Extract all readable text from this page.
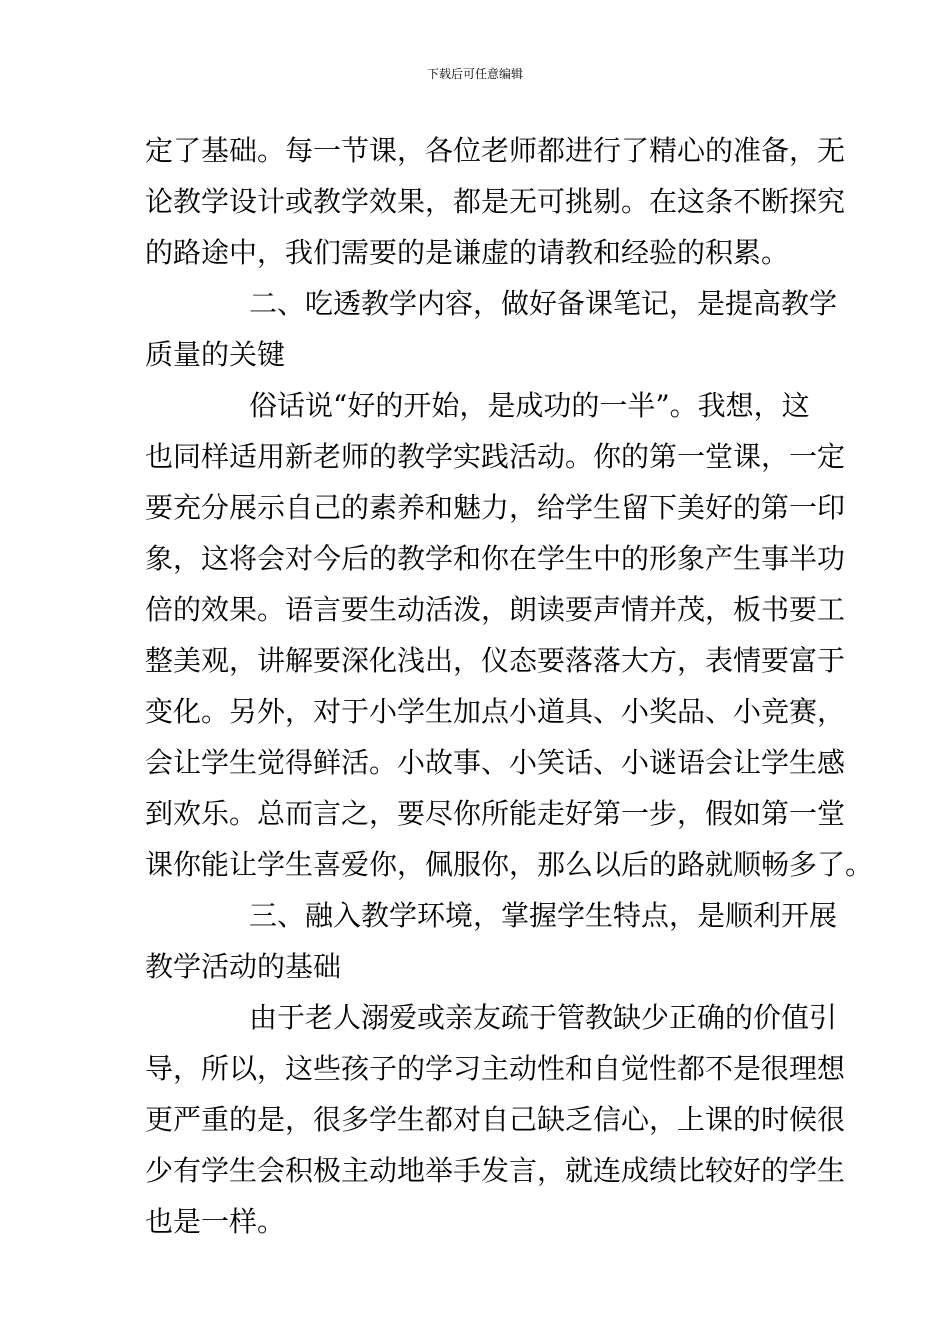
下载后可任意编辑
定了基础。每一节课，各位老师都进行了精心的准备，无
论教学设计或教学效果，都是无可挑剔。在这条不断探究
的路途中，我们需要的是谦虚的请教和经验的积累。
二、吃透教学内容，做好备课笔记，是提高教学
质量的关键
俗话说“好的开始，是成功的一半”。我想，这
也同样适用新老师的教学实践活动。你的第一堂课，一定
要充分展示自己的素养和魅力，给学生留下美好的第一印
象，这将会对今后的教学和你在学生中的形象产生事半功
倍的效果。语言要生动活泼，朗读要声情并茂，板书要工
整美观，讲解要深化浅出，仪态要落落大方，表情要富于
变化。另外，对于小学生加点小道具、小奖品、小竞赛，
会让学生觉得鲜活。小故事、小笑话、小谜语会让学生感
到欢乐。总而言之，要尽你所能走好第一步，假如第一堂
课你能让学生喜爱你，佩服你，那么以后的路就顺畅多了。
三、融入教学环境，掌握学生特点，是顺利开展
教学活动的基础
由于老人溺爱或亲友疏于管教缺少正确的价值引
导，所以，这些孩子的学习主动性和自觉性都不是很理想
更严重的是，很多学生都对自己缺乏信心，上课的时候很
少有学生会积极主动地举手发言，就连成绩比较好的学生
也是一样。
